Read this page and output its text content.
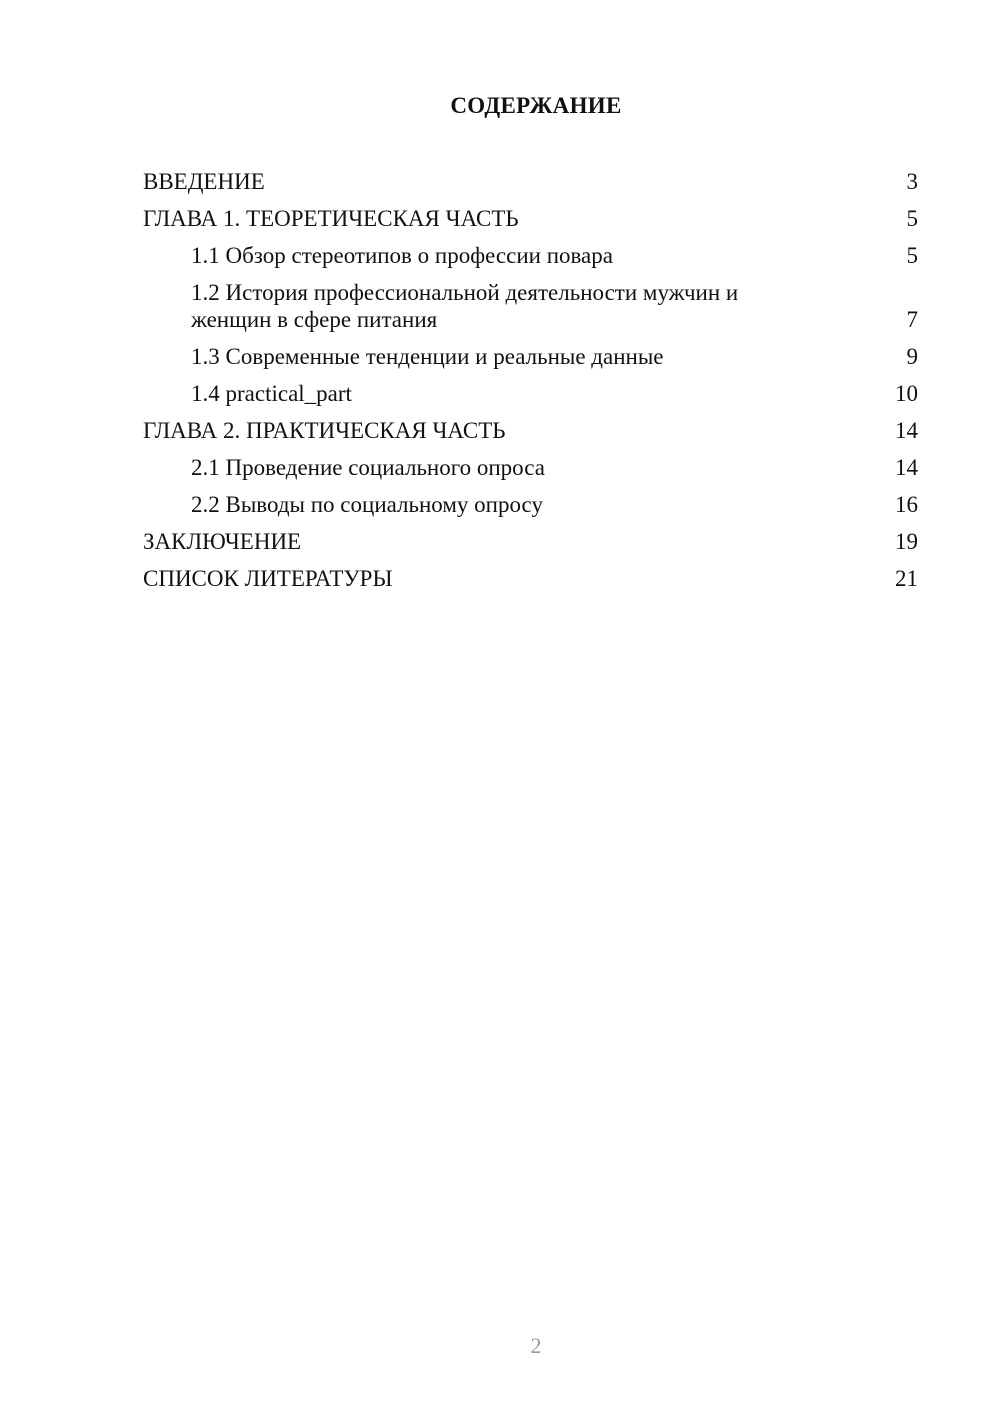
СОДЕРЖАНИЕ
ВВЕДЕНИЕ	3
ГЛАВА 1. ТЕОРЕТИЧЕСКАЯ ЧАСТЬ	5
1.1 Обзор стереотипов о профессии повара	5
1.2 История профессиональной деятельности мужчин и женщин в сфере питания	7
1.3 Современные тенденции и реальные данные	9
1.4 practical_part	10
ГЛАВА 2. ПРАКТИЧЕСКАЯ ЧАСТЬ	14
2.1 Проведение социального опроса	14
2.2 Выводы по социальному опросу	16
ЗАКЛЮЧЕНИЕ	19
СПИСОК ЛИТЕРАТУРЫ	21
2
